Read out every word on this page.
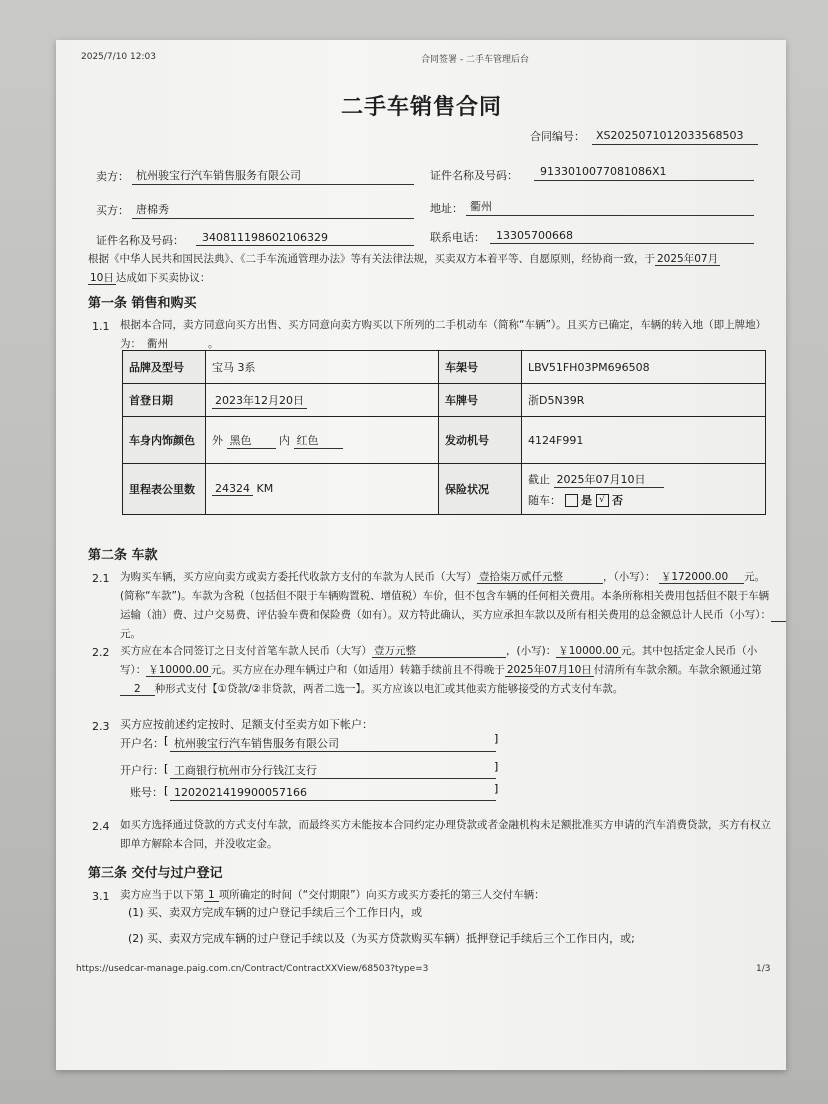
2025/7/10 12:03	合同签署 - 二手车管理后台
二手车销售合同
合同编号： XS2025071012033568503
卖方： 杭州骏宝行汽车销售服务有限公司	证件名称及号码： 9133010077081086X1
买方： 唐棉秀	地址： 衢州
证件名称及号码： 340811198602106329	联系电话： 13305700668
根据《中华人民共和国民法典》、《二手车流通管理办法》等有关法律法规，买卖双方本着平等、自愿原则，经协商一致，于 2025年07月
10日 达成如下买卖协议：
第一条 销售和购买
1.1 根据本合同，卖方同意向买方出售、买方同意向卖方购买以下所列的二手机动车（简称“车辆”）。且买方已确定，车辆的转入地（即上牌地）为： 衢州	。
品牌及型号	宝马 3系	车架号	LBV51FH03PM696508
首登日期	2023年12月20日	车牌号	浙D5N39R
车身内饰颜色	外 黑色 内 红色	发动机号	4124F991
里程表公里数	24324 KM	保险状况	截止 2025年07月10日
随车： 是 √ 否
第二条 车款
2.1 为购买车辆，买方应向卖方或卖方委托代收款方支付的车款为人民币（大写） 壹拾柒万贰仟元整	，（小写）： ￥172000.00 元。(简称“车款”)。车款为含税（包括但不限于车辆购置税、增值税）车价，但不包含车辆的任何相关费用。本条所称相关费用包括但不限于车辆运输（油）费、过户交易费、评估验车费和保险费（如有）。双方特此确认，买方应承担车款以及所有相关费用的总金额总计人民币（小写）：元。
2.2 买方应在本合同签订之日支付首笔车款人民币（大写） 壹万元整	，(小写)： ￥10000.00 元。其中包括定金人民币（小写）： ￥10000.00 元。买方应在办理车辆过户和（如适用）转籍手续前且不得晚于 2025年07月10日 付清所有车款余额。车款余额通过第2 种形式支付【①贷款/②非贷款，两者二选一】。买方应该以电汇或其他卖方能够接受的方式支付车款。
2.3 买方应按前述约定按时、足额支付至卖方如下帐户：
开户名： [ 杭州骏宝行汽车销售服务有限公司	]
开户行： [ 工商银行杭州市分行钱江支行	]
账号： [ 1202021419900057166	]
2.4 如买方选择通过贷款的方式支付车款，而最终买方未能按本合同约定办理贷款或者金融机构未足额批准买方申请的汽车消费贷款，买方有权立即单方解除本合同，并没收定金。
第三条 交付与过户登记
3.1 卖方应当于以下第 1 项所确定的时间（“交付期限”）向买方或买方委托的第三人交付车辆：
(1) 买、卖双方完成车辆的过户登记手续后三个工作日内，或
(2) 买、卖双方完成车辆的过户登记手续以及（为买方贷款购买车辆）抵押登记手续后三个工作日内，或;
https://usedcar-manage.paig.com.cn/Contract/ContractXXView/68503?type=3	1/3
